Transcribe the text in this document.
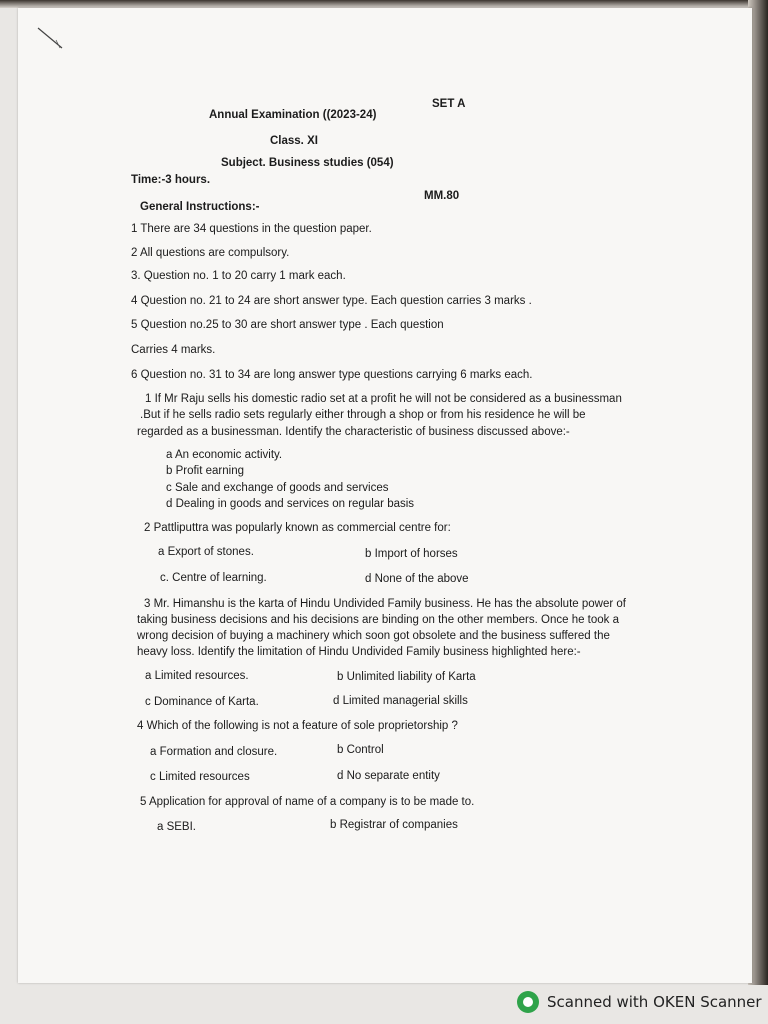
SET A
Annual Examination ((2023-24)
Class. XI
Subject. Business studies (054)
Time:-3 hours.
MM.80
General Instructions:-
1 There are 34 questions in the question paper.
2 All questions are compulsory.
3. Question no. 1 to 20 carry 1 mark each.
4 Question no. 21 to 24 are short answer type. Each question carries 3 marks .
5 Question no.25 to 30 are short answer type . Each question
Carries 4 marks.
6 Question no. 31 to 34 are long answer type questions carrying 6 marks each.
1 If Mr Raju sells his domestic radio set at a profit he will not be considered as a businessman
.But if he sells radio sets regularly either through a shop or from his residence he will be
regarded as a businessman. Identify the characteristic of business discussed above:-
a An economic activity.
b Profit earning
c Sale and exchange of goods and services
d Dealing in goods and services on regular basis
2 Pattliputtra was popularly known as commercial centre for:
a Export of stones.	b Import of horses
c. Centre of learning.	d None of the above
3 Mr. Himanshu is the karta of Hindu Undivided Family business. He has the absolute power of
taking business decisions and his decisions are binding on the other members. Once he took a
wrong decision of buying a machinery which soon got obsolete and the business suffered the
heavy loss. Identify the limitation of Hindu Undivided Family business highlighted here:-
a Limited resources.	b Unlimited liability of Karta
c Dominance of Karta.	d Limited managerial skills
4 Which of the following is not a feature of sole proprietorship ?
a Formation and closure.	b Control
c Limited resources	d No separate entity
5 Application for approval of name of a company is to be made to.
a SEBI.	b Registrar of companies
Scanned with OKEN Scanner
